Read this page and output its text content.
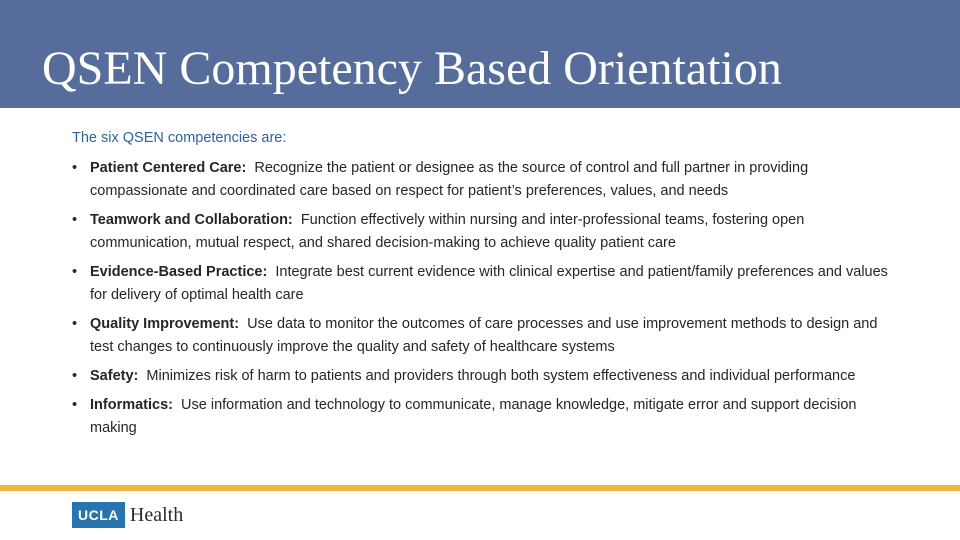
QSEN Competency Based Orientation

The six QSEN competencies are:

• Patient Centered Care:  Recognize the patient or designee as the source of control and full partner in providing compassionate and coordinated care based on respect for patient’s preferences, values, and needs
• Teamwork and Collaboration:  Function effectively within nursing and inter-professional teams, fostering open communication, mutual respect, and shared decision-making to achieve quality patient care
• Evidence-Based Practice:  Integrate best current evidence with clinical expertise and patient/family preferences and values for delivery of optimal health care
• Quality Improvement:  Use data to monitor the outcomes of care processes and use improvement methods to design and test changes to continuously improve the quality and safety of healthcare systems
• Safety:  Minimizes risk of harm to patients and providers through both system effectiveness and individual performance
• Informatics:  Use information and technology to communicate, manage knowledge, mitigate error and support decision making
UCLA Health
